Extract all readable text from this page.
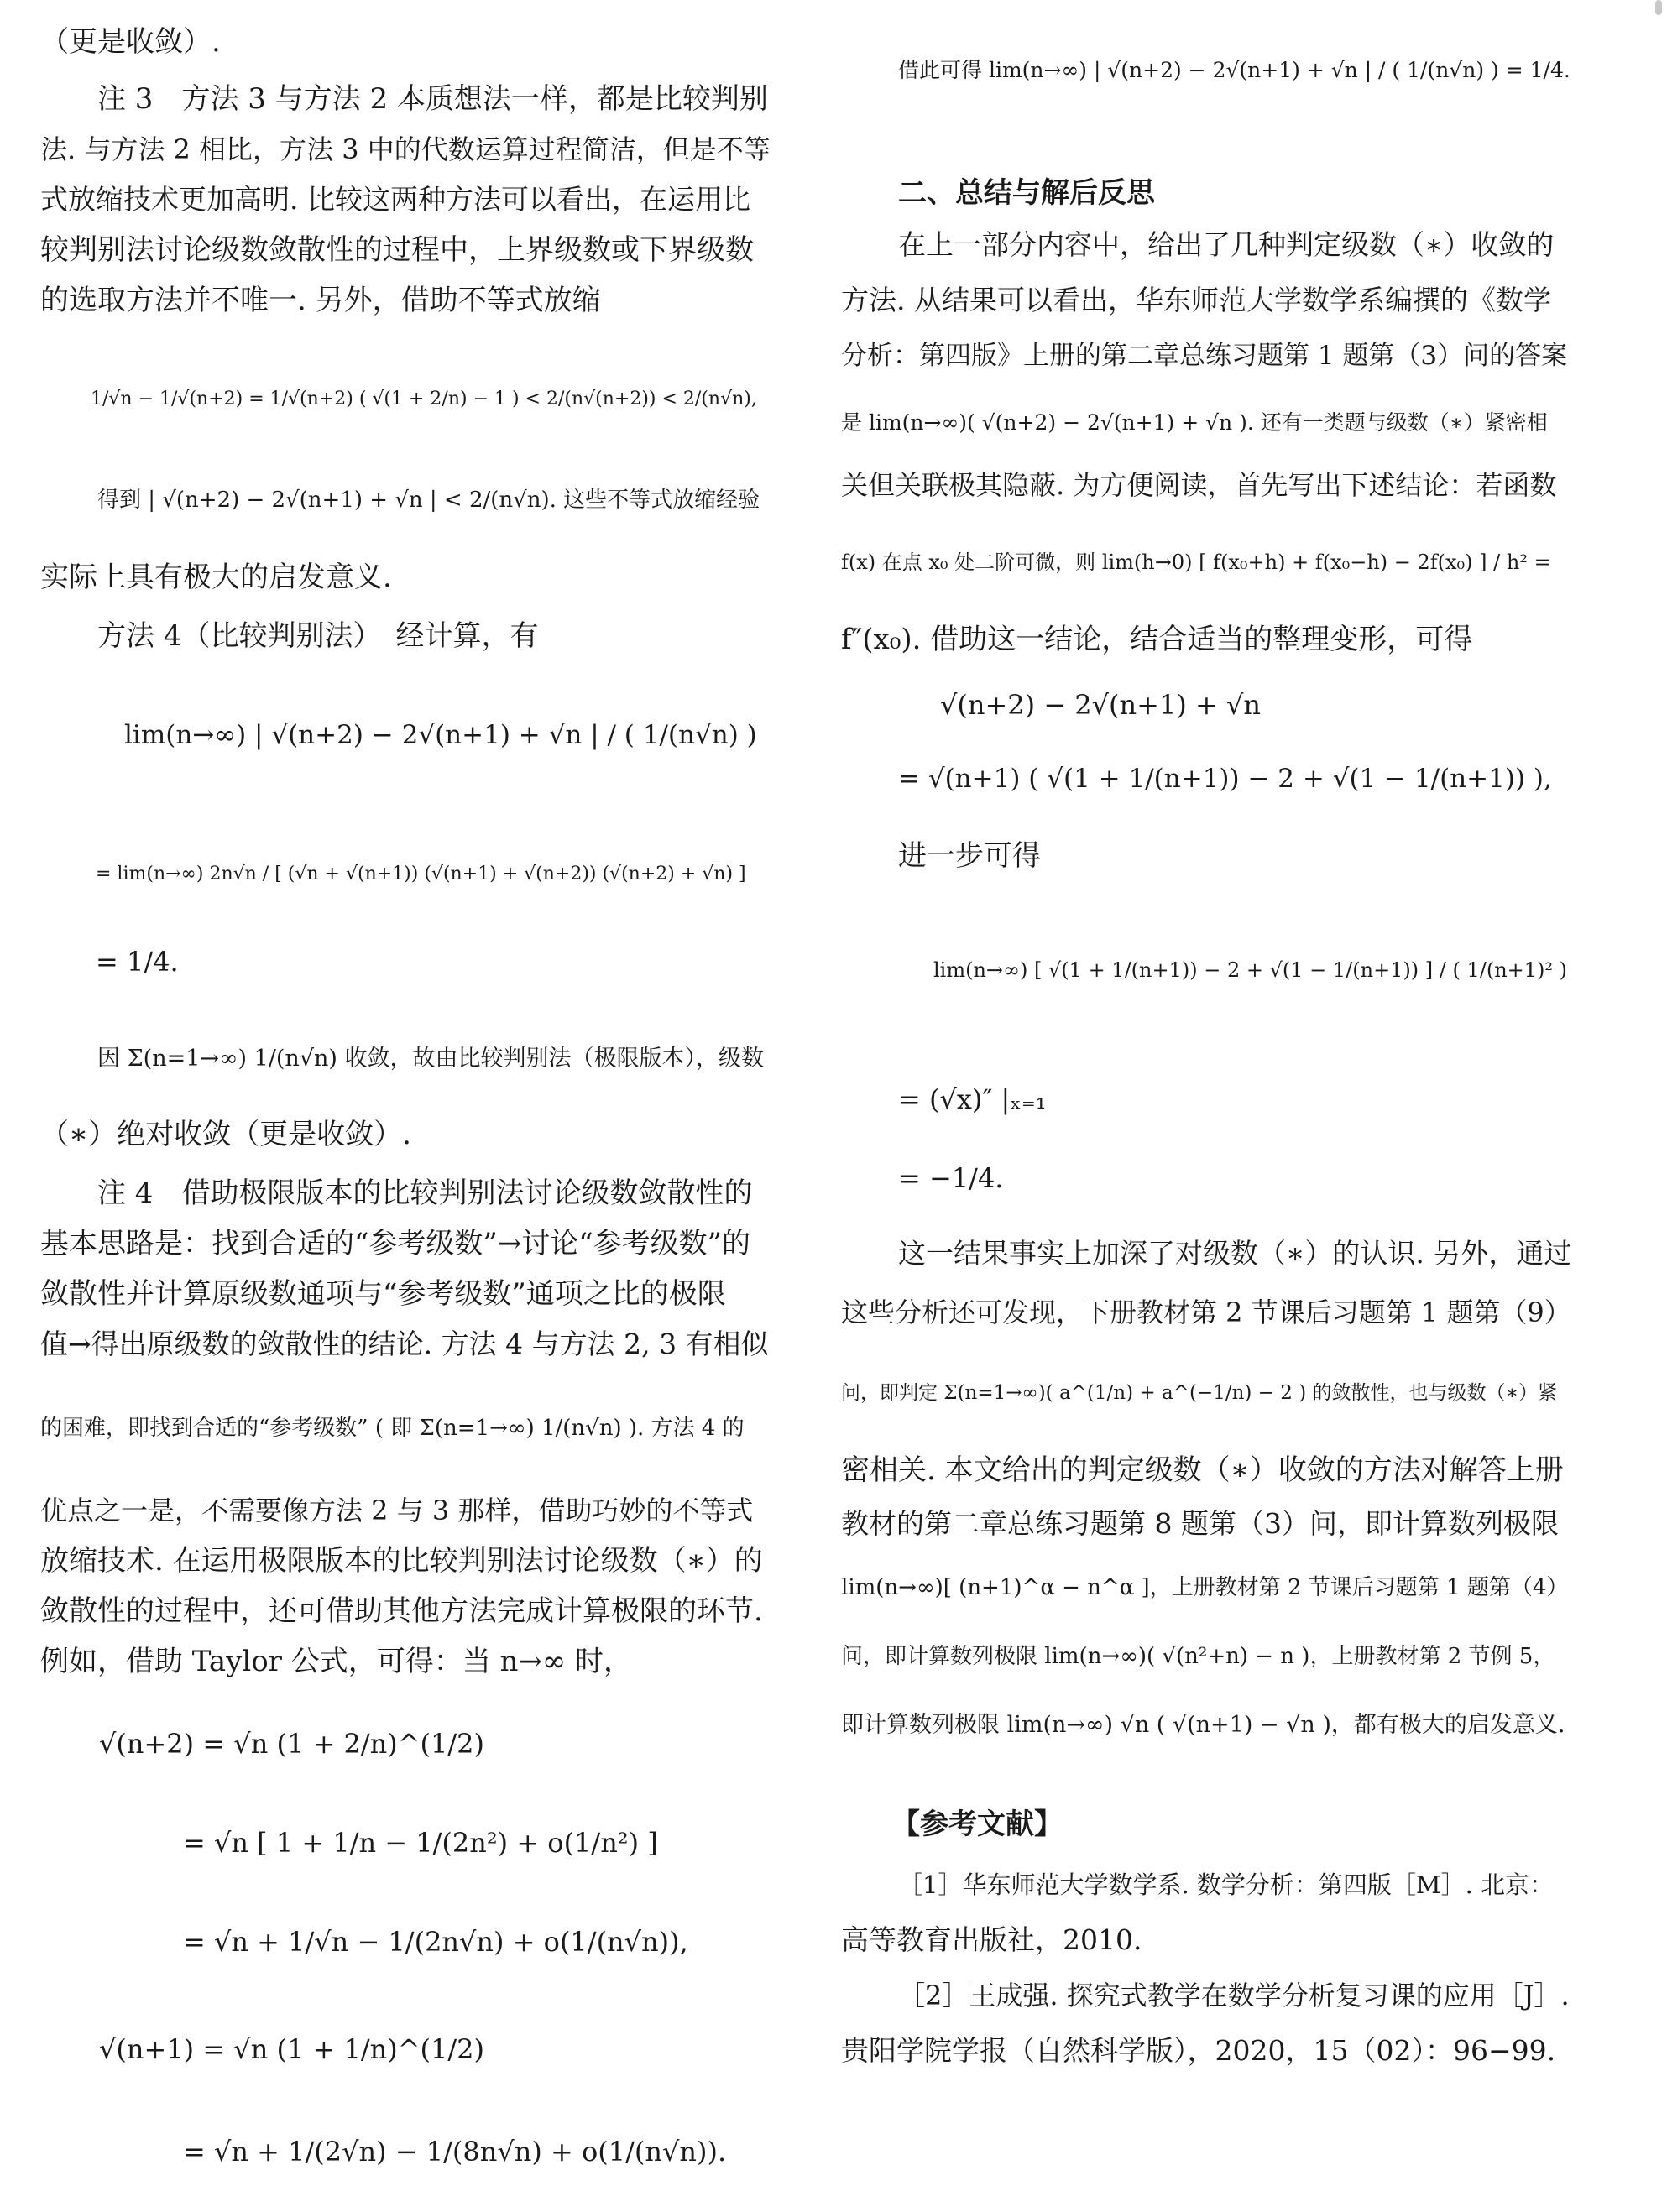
（更是收敛）.
注 3　方法 3 与方法 2 本质想法一样，都是比较判别
法. 与方法 2 相比，方法 3 中的代数运算过程简洁，但是不等
式放缩技术更加高明. 比较这两种方法可以看出，在运用比
较判别法讨论级数敛散性的过程中，上界级数或下界级数
的选取方法并不唯一. 另外，借助不等式放缩
1/√n − 1/√(n+2) = 1/√(n+2) ( √(1 + 2/n) − 1 ) < 2/(n√(n+2)) < 2/(n√n),
得到 | √(n+2) − 2√(n+1) + √n | < 2/(n√n). 这些不等式放缩经验
实际上具有极大的启发意义.
方法 4（比较判别法）　经计算，有
lim(n→∞) | √(n+2) − 2√(n+1) + √n | / ( 1/(n√n) )
= lim(n→∞) 2n√n / [ (√n + √(n+1)) (√(n+1) + √(n+2)) (√(n+2) + √n) ]
= 1/4.
因 Σ(n=1→∞) 1/(n√n) 收敛，故由比较判别法（极限版本），级数
（∗）绝对收敛（更是收敛）.
注 4　借助极限版本的比较判别法讨论级数敛散性的
基本思路是：找到合适的“参考级数”→讨论“参考级数”的
敛散性并计算原级数通项与“参考级数”通项之比的极限
值→得出原级数的敛散性的结论. 方法 4 与方法 2, 3 有相似
的困难，即找到合适的“参考级数” ( 即 Σ(n=1→∞) 1/(n√n) ). 方法 4 的
优点之一是，不需要像方法 2 与 3 那样，借助巧妙的不等式
放缩技术. 在运用极限版本的比较判别法讨论级数（∗）的
敛散性的过程中，还可借助其他方法完成计算极限的环节.
例如，借助 Taylor 公式，可得：当 n→∞ 时，
√(n+2) = √n (1 + 2/n)^(1/2)
= √n [ 1 + 1/n − 1/(2n²) + o(1/n²) ]
= √n + 1/√n − 1/(2n√n) + o(1/(n√n)),
√(n+1) = √n (1 + 1/n)^(1/2)
= √n + 1/(2√n) − 1/(8n√n) + o(1/(n√n)).
借此可得 lim(n→∞) | √(n+2) − 2√(n+1) + √n | / ( 1/(n√n) ) = 1/4.
二、总结与解后反思
在上一部分内容中，给出了几种判定级数（∗）收敛的
方法. 从结果可以看出，华东师范大学数学系编撰的《数学
分析：第四版》上册的第二章总练习题第 1 题第（3）问的答案
是 lim(n→∞)( √(n+2) − 2√(n+1) + √n ). 还有一类题与级数（∗）紧密相
关但关联极其隐蔽. 为方便阅读，首先写出下述结论：若函数
f(x) 在点 x₀ 处二阶可微，则 lim(h→0) [ f(x₀+h) + f(x₀−h) − 2f(x₀) ] / h² =
f″(x₀). 借助这一结论，结合适当的整理变形，可得
√(n+2) − 2√(n+1) + √n
= √(n+1) ( √(1 + 1/(n+1)) − 2 + √(1 − 1/(n+1)) ),
进一步可得
lim(n→∞) [ √(1 + 1/(n+1)) − 2 + √(1 − 1/(n+1)) ] / ( 1/(n+1)² )
= (√x)″ |ₓ₌₁
= −1/4.
这一结果事实上加深了对级数（∗）的认识. 另外，通过
这些分析还可发现，下册教材第 2 节课后习题第 1 题第（9）
问，即判定 Σ(n=1→∞)( a^(1/n) + a^(−1/n) − 2 ) 的敛散性，也与级数（∗）紧
密相关. 本文给出的判定级数（∗）收敛的方法对解答上册
教材的第二章总练习题第 8 题第（3）问，即计算数列极限
lim(n→∞)[ (n+1)^α − n^α ]，上册教材第 2 节课后习题第 1 题第（4）
问，即计算数列极限 lim(n→∞)( √(n²+n) − n )，上册教材第 2 节例 5，
即计算数列极限 lim(n→∞) √n ( √(n+1) − √n )，都有极大的启发意义.
【参考文献】
［1］华东师范大学数学系. 数学分析：第四版［M］. 北京：
高等教育出版社，2010.
［2］王成强. 探究式教学在数学分析复习课的应用［J］.
贵阳学院学报（自然科学版），2020，15（02）：96−99.
